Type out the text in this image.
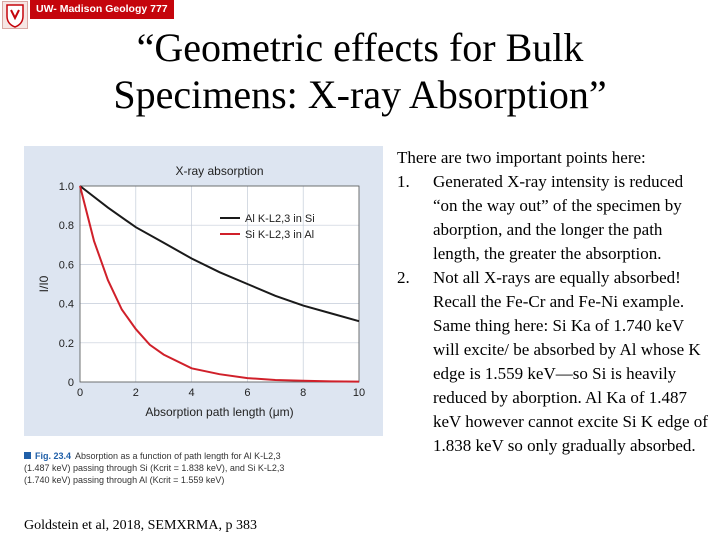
UW- Madison Geology 777
“Geometric effects for Bulk Specimens: X-ray Absorption”
0	2	4	6	8	10
0
0.2
0.4
0.6
0.8
1.0
X-ray absorption
Absorption path length (μm)
I/I0
Al K-L2,3 in Si
Si K-L2,3 in Al
Fig. 23.4 Absorption as a function of path length for Al K-L2,3
(1.487 keV) passing through Si (Kcrit = 1.838 keV), and Si K-L2,3
(1.740 keV) passing through Al (Kcrit = 1.559 keV)
Goldstein et al, 2018, SEMXRMA, p 383

There are two important points here:

1. Generated X-ray intensity is reduced “on the way out” of the specimen by aborption, and the longer the path length, the greater the absorption.
2. Not all X-rays are equally absorbed! Recall the Fe-Cr and Fe-Ni example. Same thing here: Si Ka of 1.740 keV will excite/ be absorbed by Al whose K edge is 1.559 keV—so Si is heavily reduced by aborption. Al Ka of 1.487 keV however cannot excite Si K edge of 1.838 keV so only gradually absorbed.
